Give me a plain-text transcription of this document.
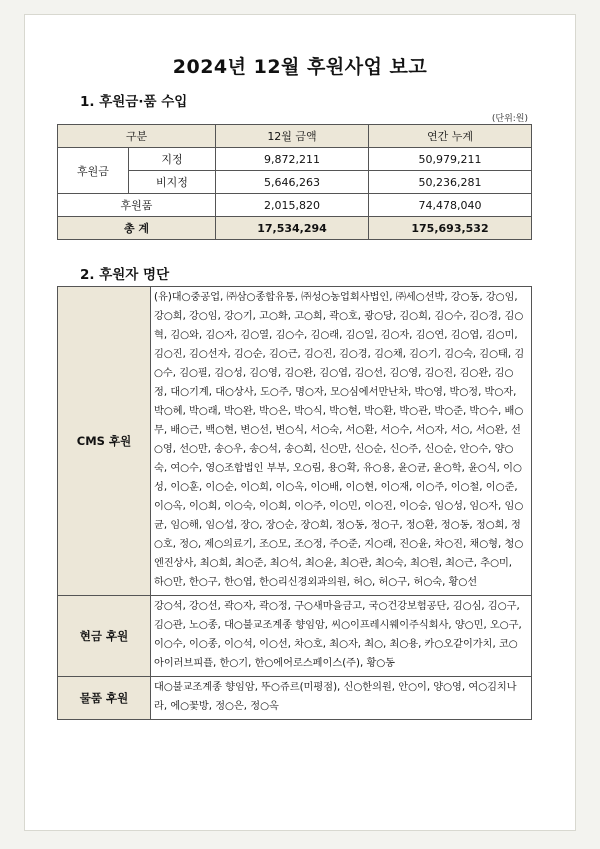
2024년 12월 후원사업 보고
1. 후원금·품 수입
(단위:원)
구분		12월 금액	연간 누계
후원금	지정	9,872,211	50,979,211
	비지정	5,646,263	50,236,281
후원품		2,015,820	74,478,040
총 계		17,534,294	175,693,532
2. 후원자 명단
CMS 후원	(유)대○중공업, ㈜삼○종합유통, ㈜성○농업회사법인, ㈜세○선박, 강○동, 강○임, 강○희, 강○임, 강○기, 고○화, 고○희, 곽○호, 광○당, 김○희, 김○수, 김○경, 김○혁, 김○와, 김○자, 김○열, 김○수, 김○래, 김○일, 김○자, 김○연, 김○엽, 김○미, 김○진, 김○선자, 김○순, 김○근, 김○진, 김○경, 김○채, 김○기, 김○숙, 김○태, 김○수, 김○필, 김○성, 김○영, 김○완, 김○엽, 김○선, 김○영, 김○진, 김○완, 김○정, 대○기계, 대○상사, 도○주, 명○자, 모○심에서만난차, 박○영, 박○정, 박○자, 박○혜, 박○래, 박○완, 박○은, 박○식, 박○현, 박○환, 박○관, 박○준, 박○수, 배○무, 배○근, 백○현, 변○선, 변○식, 서○숙, 서○환, 서○수, 서○자, 서○, 서○완, 선○영, 선○만, 송○우, 송○석, 송○희, 신○만, 신○순, 신○주, 신○순, 안○수, 양○숙, 여○수, 영○조합법인 부부, 오○림, 용○확, 유○용, 윤○균, 윤○학, 윤○식, 이○성, 이○훈, 이○순, 이○희, 이○옥, 이○배, 이○현, 이○재, 이○주, 이○철, 이○준, 이○옥, 이○희, 이○숙, 이○희, 이○주, 이○민, 이○진, 이○승, 임○성, 임○자, 임○균, 임○해, 임○섭, 장○, 장○순, 장○희, 정○동, 정○구, 정○환, 정○동, 정○희, 정○호, 정○, 제○의료기, 조○모, 조○정, 주○준, 지○래, 진○윤, 차○진, 채○형, 청○엔진상사, 최○희, 최○준, 최○석, 최○윤, 최○관, 최○숙, 최○원, 최○근, 추○미, 하○만, 한○구, 한○엽, 한○리신경외과의원, 허○, 허○구, 허○숙, 황○선
현금 후원	강○석, 강○선, 곽○자, 곽○정, 구○새마을금고, 국○건강보험공단, 김○심, 김○구, 김○관, 노○종, 대○불교조계종 향임암, 씨○이프레시웨이주식회사, 양○민, 오○구, 이○수, 이○종, 이○석, 이○선, 차○호, 최○자, 최○, 최○용, 카○오같이가치, 코○아이러브피플, 한○기, 한○에어로스페이스(주), 황○동
물품 후원	대○불교조계종 향임암, 뚜○쥬르(미평점), 신○한의원, 안○이, 양○영, 여○김치나라, 에○꽃방, 정○은, 정○옥
